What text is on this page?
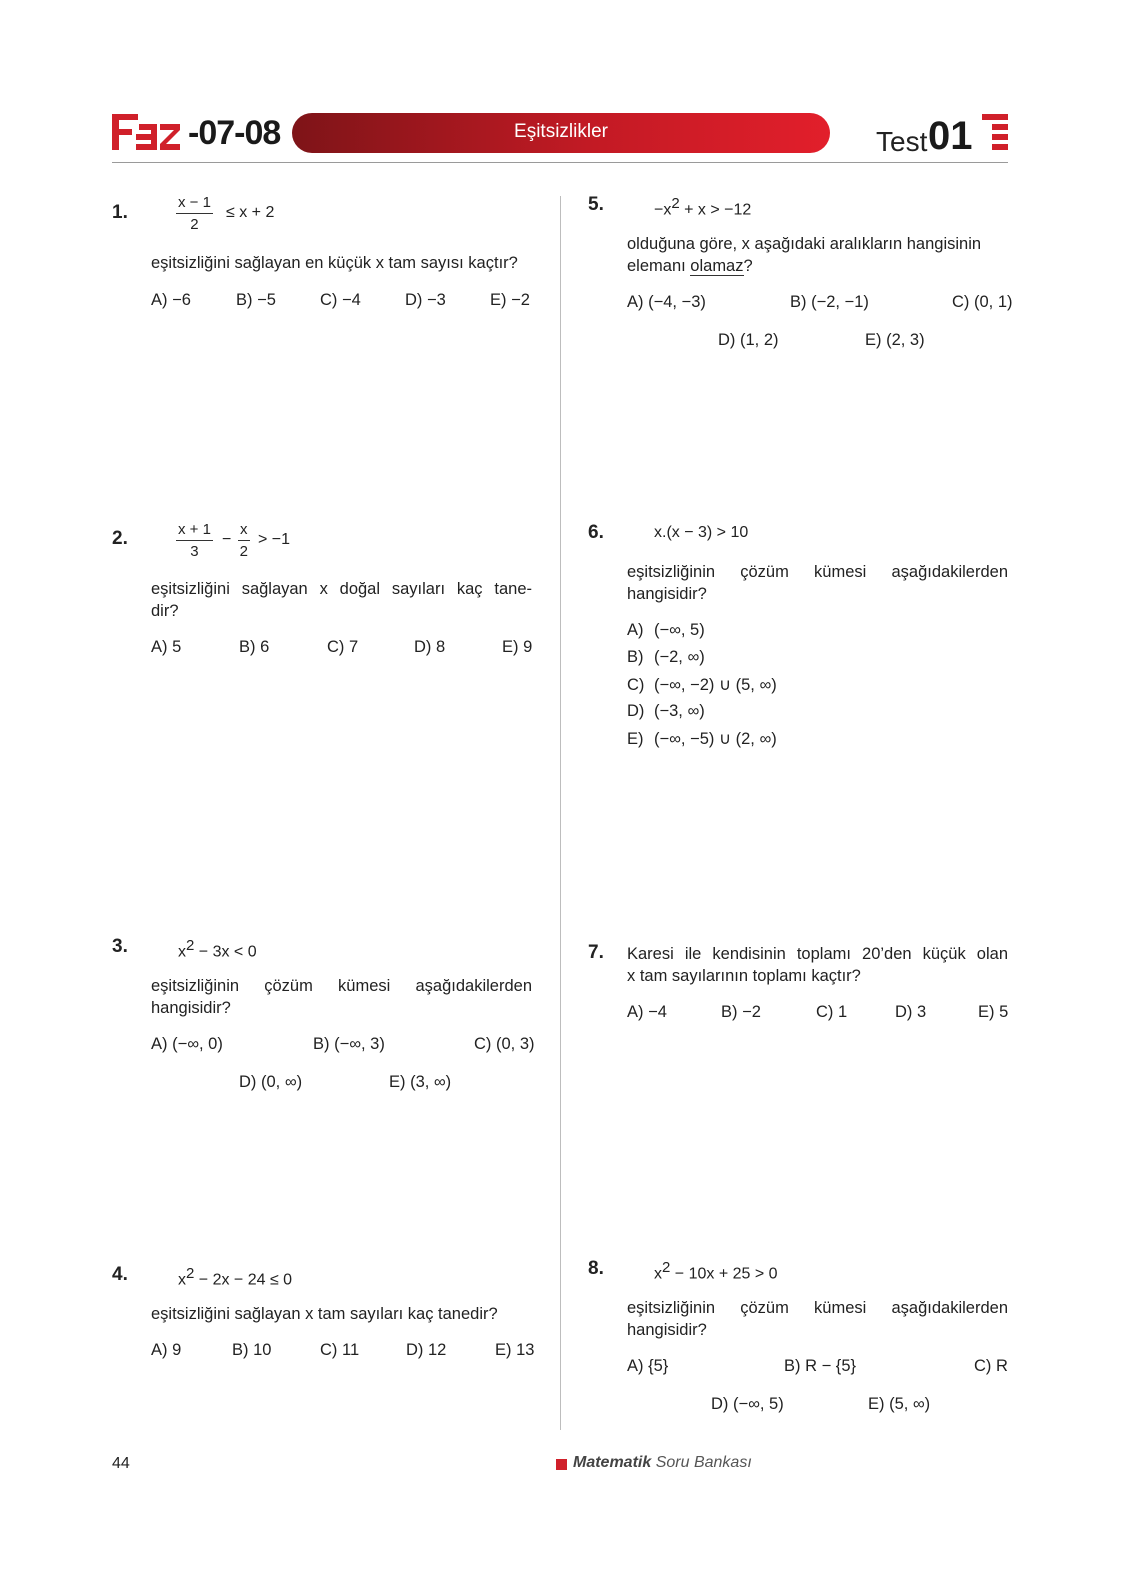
-07-08	Eşitsizlikler	Test 01
1.	$\frac{x - 1}{2} \le x + 2$
eşitsizliğini sağlayan en küçük x tam sayısı kaçtır?
A) −6	B) −5	C) −4	D) −3	E) −2
2.	$\frac{x + 1}{3} - \frac{x}{2} > -1$
eşitsizliğini sağlayan x doğal sayıları kaç tane-
dir?
A) 5	B) 6	C) 7	D) 8	E) 9
3.	$x^2 - 3x < 0$
eşitsizliğinin çözüm kümesi aşağıdakilerden
hangisidir?
A) (−∞, 0)	B) (−∞, 3)	C) (0, 3)
D) (0, ∞)	E) (3, ∞)
4.	$x^2 - 2x - 24 \le 0$
eşitsizliğini sağlayan x tam sayıları kaç tanedir?
A) 9	B) 10	C) 11	D) 12	E) 13
5.	$-x^2 + x > -12$
olduğuna göre, x aşağıdaki aralıkların hangisinin
elemanı olamaz?
A) (−4, −3)	B) (−2, −1)	C) (0, 1)
D) (1, 2)	E) (2, 3)
6.	x.(x − 3) > 10
eşitsizliğinin çözüm kümesi aşağıdakilerden
hangisidir?
A) (−∞, 5)
B) (−2, ∞)
C) (−∞, −2) ∪ (5, ∞)
D) (−3, ∞)
E) (−∞, −5) ∪ (2, ∞)
7. Karesi ile kendisinin toplamı 20’den küçük olan
x tam sayılarının toplamı kaçtır?
A) −4	B) −2	C) 1	D) 3	E) 5
8.	$x^2 - 10x + 25 > 0$
eşitsizliğinin çözüm kümesi aşağıdakilerden
hangisidir?
A) {5}	B) R − {5}	C) R
D) (−∞, 5)	E) (5, ∞)
44	Matematik Soru Bankası
